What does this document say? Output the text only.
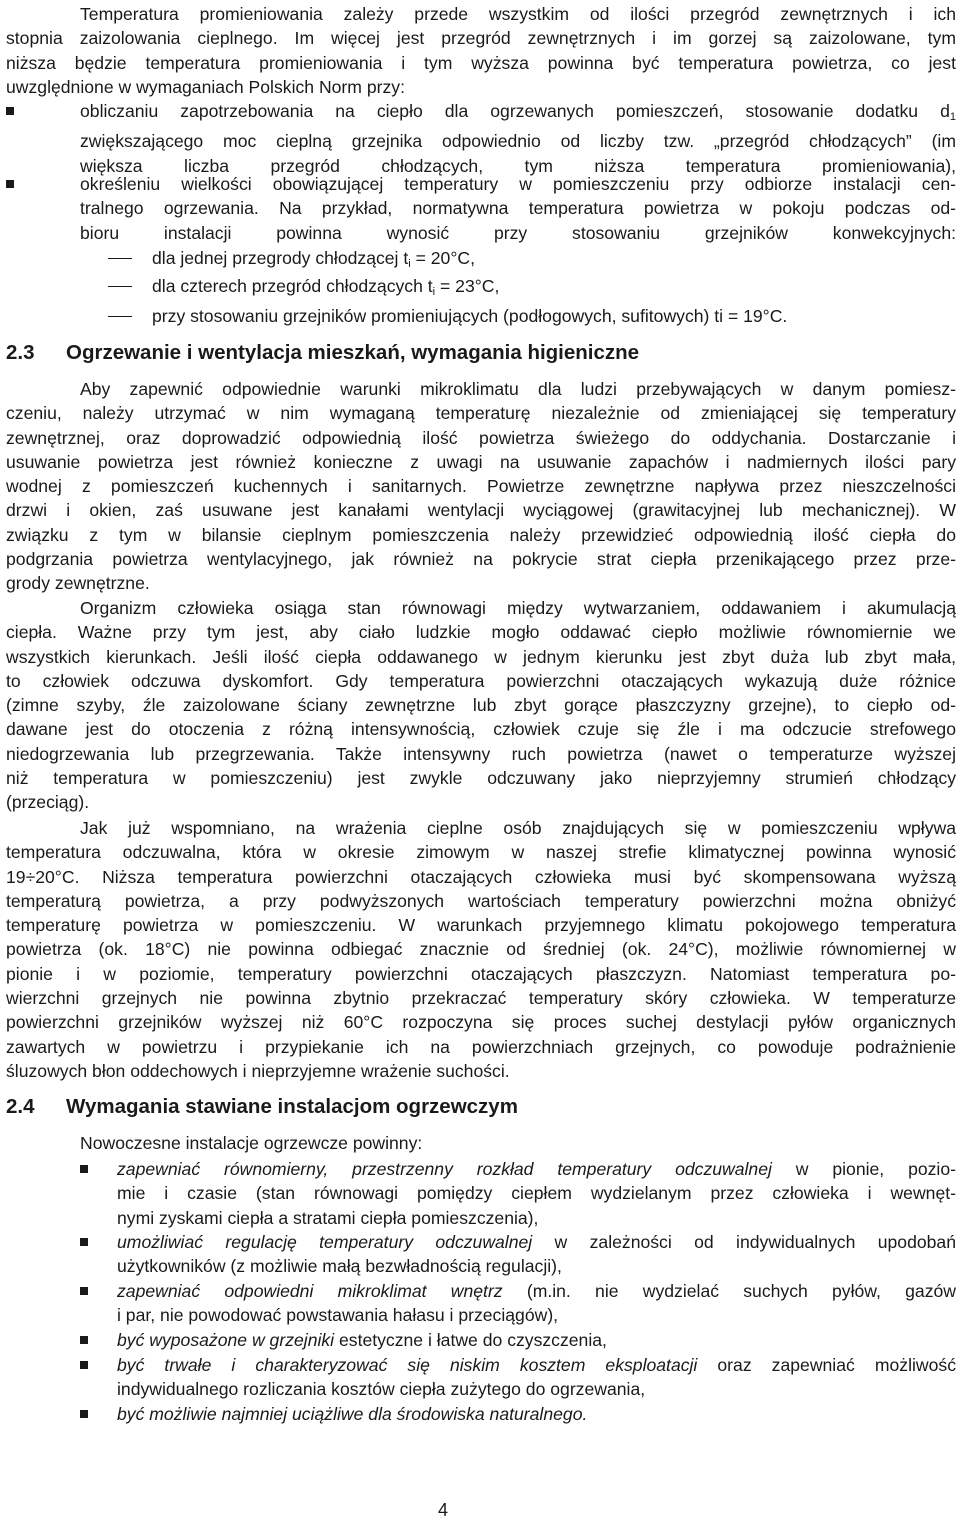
Temperatura promieniowania zależy przede wszystkim od ilości przegród zewnętrznych i ich
stopnia zaizolowania cieplnego. Im więcej jest przegród zewnętrznych i im gorzej są zaizolowane, tym
niższa będzie temperatura promieniowania i tym wyższa powinna być temperatura powietrza, co jest
uwzględnione w wymaganiach Polskich Norm przy:
obliczaniu zapotrzebowania na ciepło dla ogrzewanych pomieszczeń, stosowanie dodatku $d_1$
zwiększającego moc cieplną grzejnika odpowiednio od liczby tzw. „przegród chłodzących” (im
większa liczba przegród chłodzących, tym niższa temperatura promieniowania),
określeniu wielkości obowiązującej temperatury w pomieszczeniu przy odbiorze instalacji cen-
tralnego ogrzewania. Na przykład, normatywna temperatura powietrza w pokoju podczas od-
bioru instalacji powinna wynosić przy stosowaniu grzejników konwekcyjnych:
dla jednej przegrody chłodzącej $t_i = 20^\circ C$,
dla czterech przegród chłodzących $t_i = 23^\circ C$,
przy stosowaniu grzejników promieniujących (podłogowych, sufitowych) ti = 19°C.
2.3 Ogrzewanie i wentylacja mieszkań, wymagania higieniczne
Aby zapewnić odpowiednie warunki mikroklimatu dla ludzi przebywających w danym pomiesz-
czeniu, należy utrzymać w nim wymaganą temperaturę niezależnie od zmieniającej się temperatury
zewnętrznej, oraz doprowadzić odpowiednią ilość powietrza świeżego do oddychania. Dostarczanie i
usuwanie powietrza jest również konieczne z uwagi na usuwanie zapachów i nadmiernych ilości pary
wodnej z pomieszczeń kuchennych i sanitarnych. Powietrze zewnętrzne napływa przez nieszczelności
drzwi i okien, zaś usuwane jest kanałami wentylacji wyciągowej (grawitacyjnej lub mechanicznej). W
związku z tym w bilansie cieplnym pomieszczenia należy przewidzieć odpowiednią ilość ciepła do
podgrzania powietrza wentylacyjnego, jak również na pokrycie strat ciepła przenikającego przez prze-
grody zewnętrzne.
Organizm człowieka osiąga stan równowagi między wytwarzaniem, oddawaniem i akumulacją
ciepła. Ważne przy tym jest, aby ciało ludzkie mogło oddawać ciepło możliwie równomiernie we
wszystkich kierunkach. Jeśli ilość ciepła oddawanego w jednym kierunku jest zbyt duża lub zbyt mała,
to człowiek odczuwa dyskomfort. Gdy temperatura powierzchni otaczających wykazują duże różnice
(zimne szyby, źle zaizolowane ściany zewnętrzne lub zbyt gorące płaszczyzny grzejne), to ciepło od-
dawane jest do otoczenia z różną intensywnością, człowiek czuje się źle i ma odczucie strefowego
niedogrzewania lub przegrzewania. Także intensywny ruch powietrza (nawet o temperaturze wyższej
niż temperatura w pomieszczeniu) jest zwykle odczuwany jako nieprzyjemny strumień chłodzący
(przeciąg).
Jak już wspomniano, na wrażenia cieplne osób znajdujących się w pomieszczeniu wpływa
temperatura odczuwalna, która w okresie zimowym w naszej strefie klimatycznej powinna wynosić
19÷20°C. Niższa temperatura powierzchni otaczających człowieka musi być skompensowana wyższą
temperaturą powietrza, a przy podwyższonych wartościach temperatury powierzchni można obniżyć
temperaturę powietrza w pomieszczeniu. W warunkach przyjemnego klimatu pokojowego temperatura
powietrza (ok. 18°C) nie powinna odbiegać znacznie od średniej (ok. 24°C), możliwie równomiernej w
pionie i w poziomie, temperatury powierzchni otaczających płaszczyzn. Natomiast temperatura po-
wierzchni grzejnych nie powinna zbytnio przekraczać temperatury skóry człowieka. W temperaturze
powierzchni grzejników wyższej niż 60°C rozpoczyna się proces suchej destylacji pyłów organicznych
zawartych w powietrzu i przypiekanie ich na powierzchniach grzejnych, co powoduje podrażnienie
śluzowych błon oddechowych i nieprzyjemne wrażenie suchości.
2.4 Wymagania stawiane instalacjom ogrzewczym
Nowoczesne instalacje ogrzewcze powinny:
zapewniać równomierny, przestrzenny rozkład temperatury odczuwalnej w pionie, pozio-
mie i czasie (stan równowagi pomiędzy ciepłem wydzielanym przez człowieka i wewnęt-
nymi zyskami ciepła a stratami ciepła pomieszczenia),
umożliwiać regulację temperatury odczuwalnej w zależności od indywidualnych upodobań
użytkowników (z możliwie małą bezwładnością regulacji),
zapewniać odpowiedni mikroklimat wnętrz (m.in. nie wydzielać suchych pyłów, gazów
i par, nie powodować powstawania hałasu i przeciągów),
być wyposażone w grzejniki estetyczne i łatwe do czyszczenia,
być trwałe i charakteryzować się niskim kosztem eksploatacji oraz zapewniać możliwość
indywidualnego rozliczania kosztów ciepła zużytego do ogrzewania,
być możliwie najmniej uciążliwe dla środowiska naturalnego.
4
